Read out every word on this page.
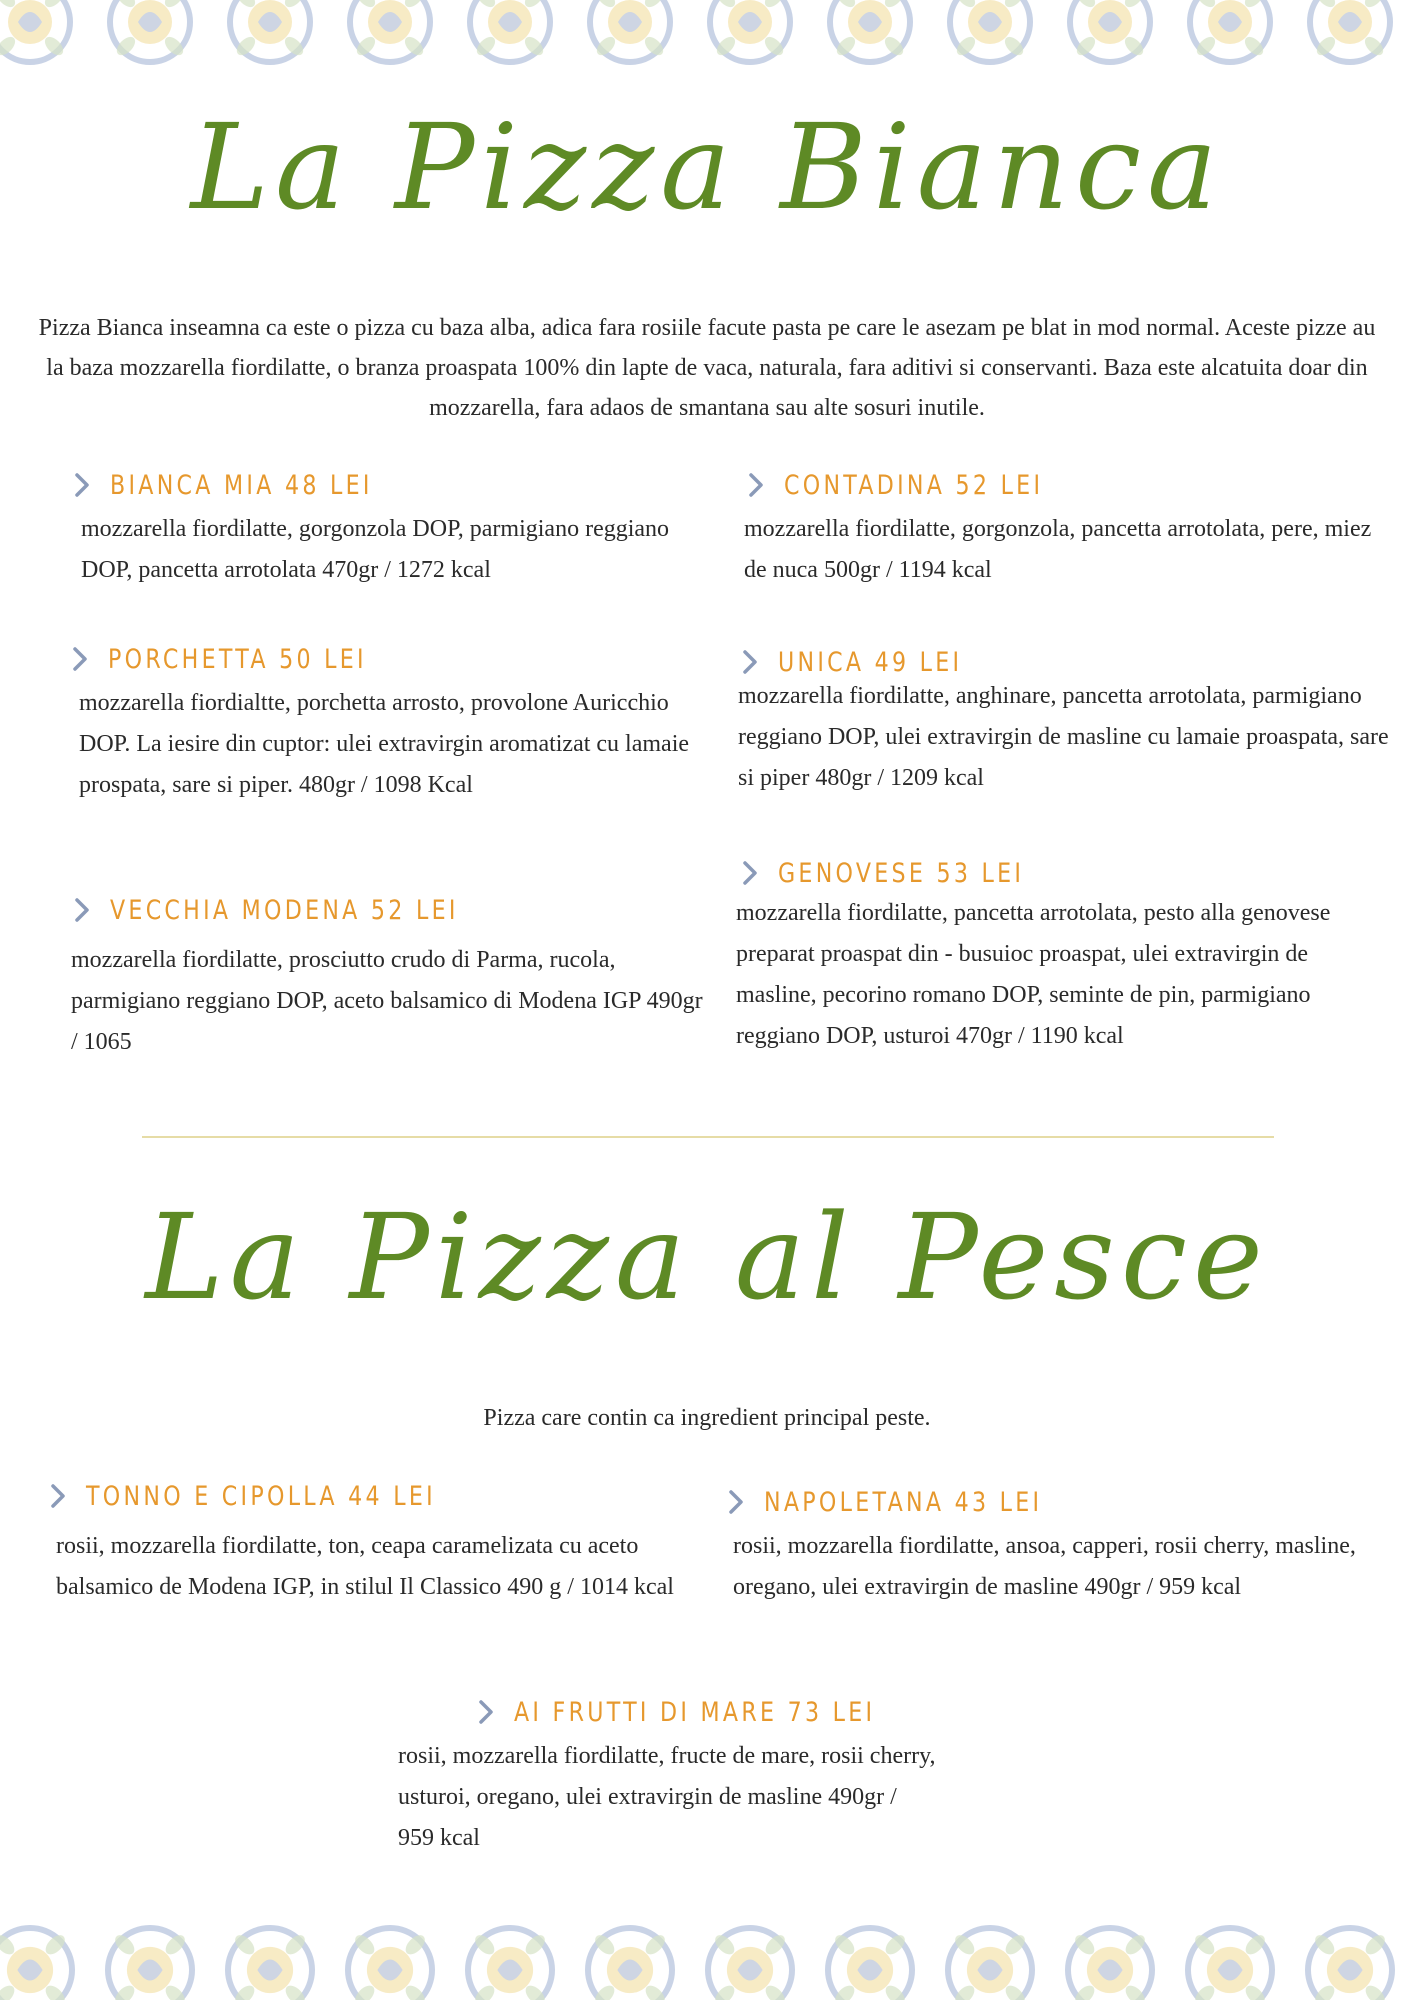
La Pizza Bianca
Pizza Bianca inseamna ca este o pizza cu baza alba, adica fara rosiile facute pasta pe care le asezam pe blat in mod normal. Aceste pizze au la baza mozzarella fiordilatte, o branza proaspata 100% din lapte de vaca, naturala, fara aditivi si conservanti. Baza este alcatuita doar din mozzarella, fara adaos de smantana sau alte sosuri inutile.
BIANCA MIA 48 LEI
mozzarella fiordilatte, gorgonzola DOP, parmigiano reggiano DOP, pancetta arrotolata 470gr / 1272 kcal
CONTADINA 52 LEI
mozzarella fiordilatte, gorgonzola, pancetta arrotolata, pere, miez de nuca 500gr / 1194 kcal
PORCHETTA 50 LEI
mozzarella fiordialtte, porchetta arrosto, provolone Auricchio DOP. La iesire din cuptor: ulei extravirgin aromatizat cu lamaie prospata, sare si piper. 480gr / 1098 Kcal
UNICA 49 LEI
mozzarella fiordilatte, anghinare, pancetta arrotolata, parmigiano reggiano DOP, ulei extravirgin de masline cu lamaie proaspata, sare si piper 480gr / 1209 kcal
VECCHIA MODENA 52 LEI
mozzarella fiordilatte, prosciutto crudo di Parma, rucola, parmigiano reggiano DOP, aceto balsamico di Modena IGP 490gr / 1065
GENOVESE 53 LEI
mozzarella fiordilatte, pancetta arrotolata, pesto alla genovese preparat proaspat din - busuioc proaspat, ulei extravirgin de masline, pecorino romano DOP, seminte de pin, parmigiano reggiano DOP, usturoi 470gr / 1190 kcal
La Pizza al Pesce
Pizza care contin ca ingredient principal peste.
TONNO E CIPOLLA 44 LEI
rosii, mozzarella fiordilatte, ton, ceapa caramelizata cu aceto balsamico de Modena IGP, in stilul Il Classico 490 g / 1014 kcal
NAPOLETANA 43 LEI
rosii, mozzarella fiordilatte, ansoa, capperi, rosii cherry, masline, oregano, ulei extravirgin de masline 490gr / 959 kcal
AI FRUTTI DI MARE 73 LEI
rosii, mozzarella fiordilatte, fructe de mare, rosii cherry, usturoi, oregano, ulei extravirgin de masline 490gr / 959 kcal
